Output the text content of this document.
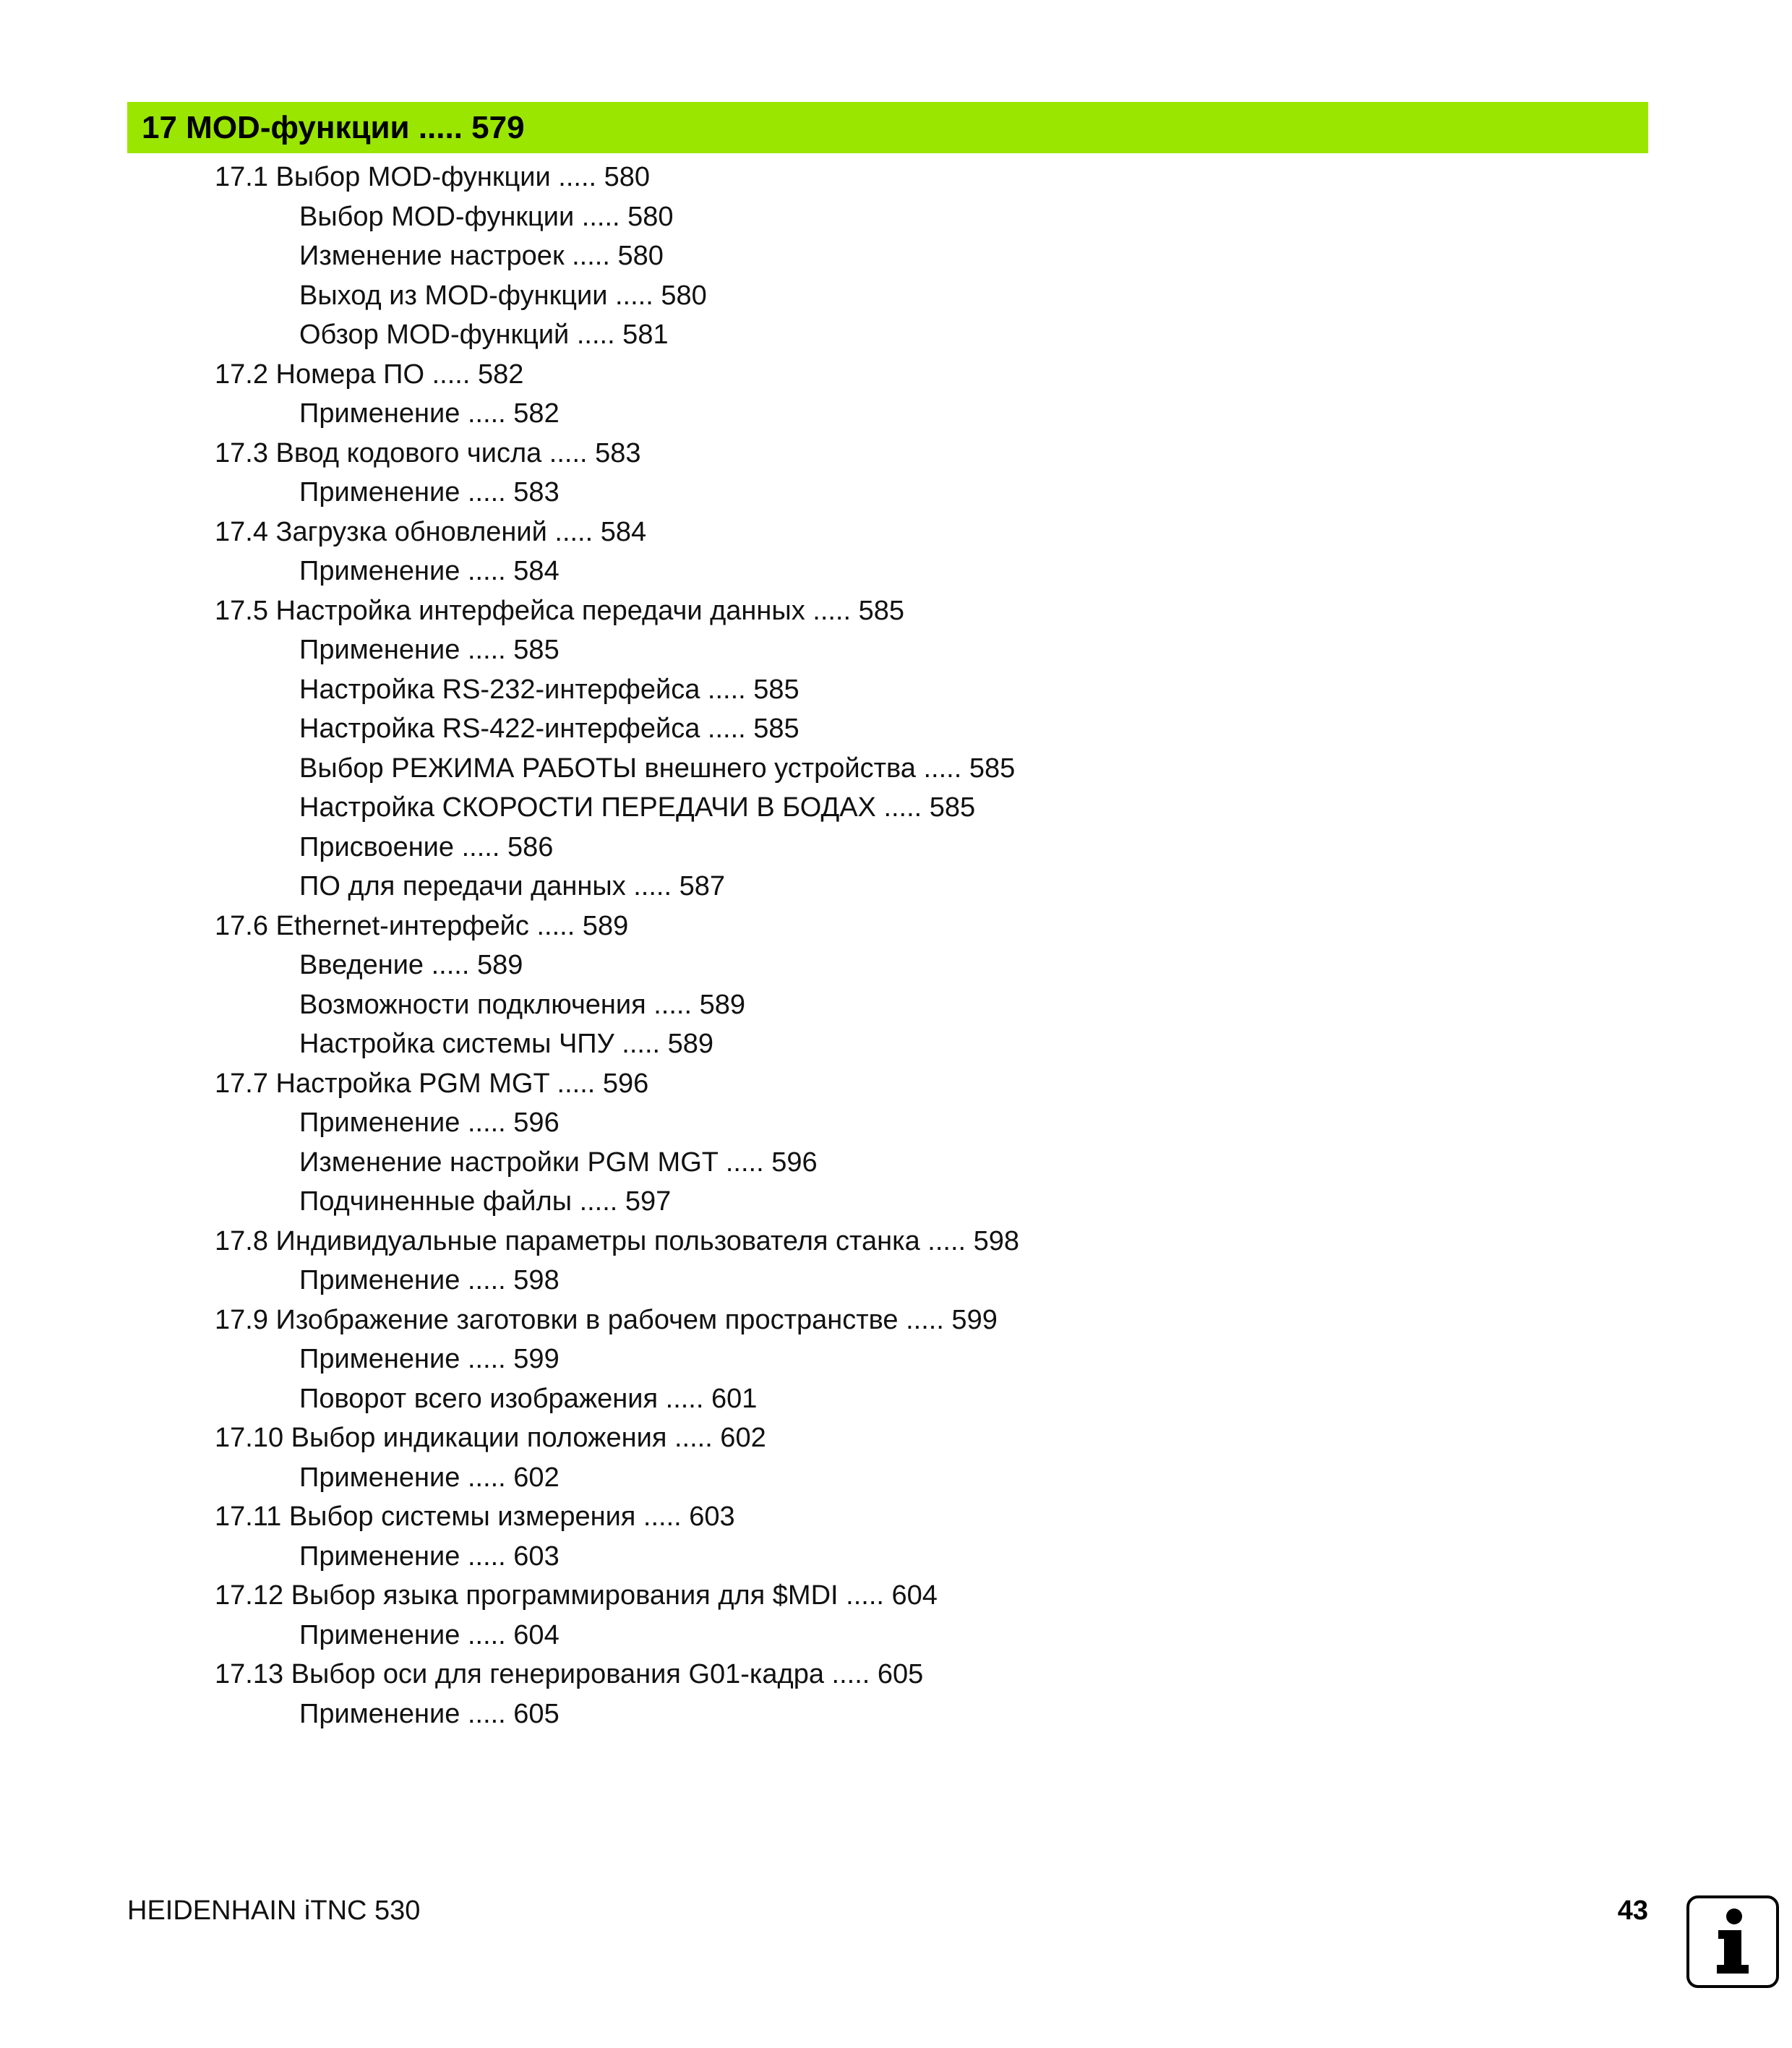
17 MOD-функции ..... 579
17.1 Выбор MOD-функции ..... 580
Выбор MOD-функции ..... 580
Изменение настроек ..... 580
Выход из MOD-функции ..... 580
Обзор MOD-функций ..... 581
17.2 Номера ПО ..... 582
Применение ..... 582
17.3 Ввод кодового числа ..... 583
Применение ..... 583
17.4 Загрузка обновлений ..... 584
Применение ..... 584
17.5 Настройка интерфейса передачи данных ..... 585
Применение ..... 585
Настройка RS-232-интерфейса ..... 585
Настройка RS-422-интерфейса ..... 585
Выбор РЕЖИМА РАБОТЫ внешнего устройства ..... 585
Настройка СКОРОСТИ ПЕРЕДАЧИ В БОДАХ ..... 585
Присвоение ..... 586
ПО для передачи данных ..... 587
17.6 Ethernet-интерфейс ..... 589
Введение ..... 589
Возможности подключения ..... 589
Настройка системы ЧПУ ..... 589
17.7 Настройка PGM MGT ..... 596
Применение ..... 596
Изменение настройки PGM MGT ..... 596
Подчиненные файлы ..... 597
17.8 Индивидуальные параметры пользователя станка ..... 598
Применение ..... 598
17.9 Изображение заготовки в рабочем пространстве ..... 599
Применение ..... 599
Поворот всего изображения ..... 601
17.10 Выбор индикации положения ..... 602
Применение ..... 602
17.11 Выбор системы измерения ..... 603
Применение ..... 603
17.12 Выбор языка программирования для $MDI ..... 604
Применение ..... 604
17.13 Выбор оси для генерирования G01-кадра ..... 605
Применение ..... 605
HEIDENHAIN iTNC 530	43
